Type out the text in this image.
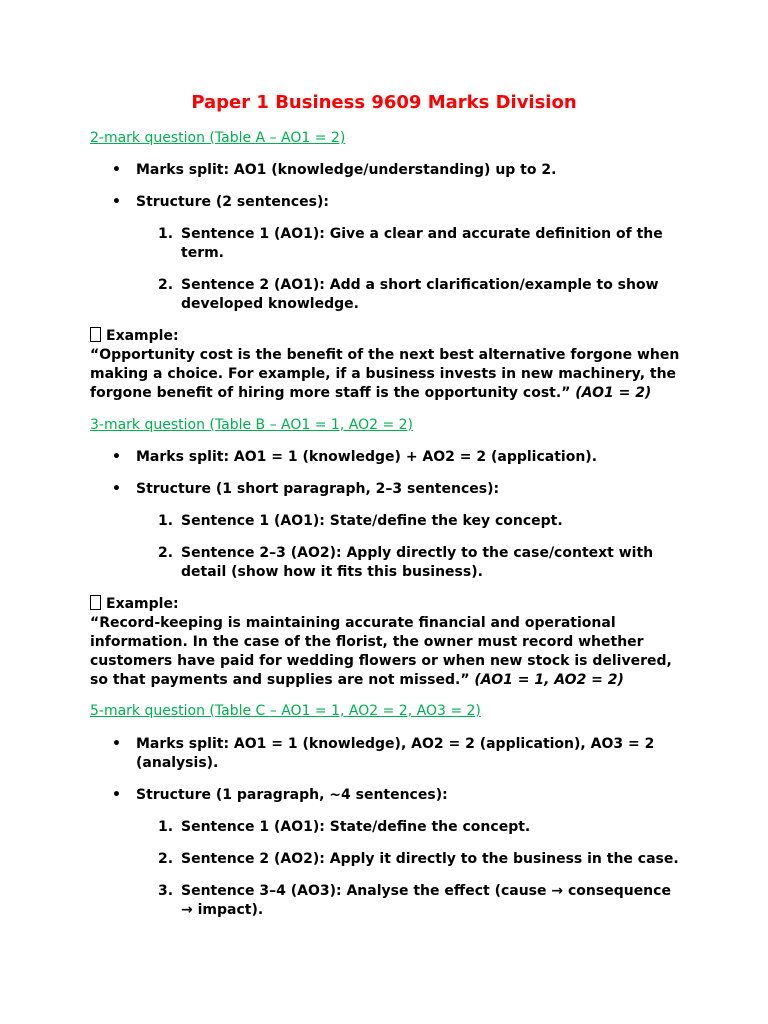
Paper 1 Business 9609 Marks Division
2-mark question (Table A – AO1 = 2)
• Marks split: AO1 (knowledge/understanding) up to 2.
• Structure (2 sentences):
1. Sentence 1 (AO1): Give a clear and accurate definition of the term.
2. Sentence 2 (AO1): Add a short clarification/example to show developed knowledge.
Example:
“Opportunity cost is the benefit of the next best alternative forgone when making a choice. For example, if a business invests in new machinery, the forgone benefit of hiring more staff is the opportunity cost.” (AO1 = 2)
3-mark question (Table B – AO1 = 1, AO2 = 2)
• Marks split: AO1 = 1 (knowledge) + AO2 = 2 (application).
• Structure (1 short paragraph, 2–3 sentences):
1. Sentence 1 (AO1): State/define the key concept.
2. Sentence 2–3 (AO2): Apply directly to the case/context with detail (show how it fits this business).
Example:
“Record-keeping is maintaining accurate financial and operational information. In the case of the florist, the owner must record whether customers have paid for wedding flowers or when new stock is delivered, so that payments and supplies are not missed.” (AO1 = 1, AO2 = 2)
5-mark question (Table C – AO1 = 1, AO2 = 2, AO3 = 2)
• Marks split: AO1 = 1 (knowledge), AO2 = 2 (application), AO3 = 2 (analysis).
• Structure (1 paragraph, ~4 sentences):
1. Sentence 1 (AO1): State/define the concept.
2. Sentence 2 (AO2): Apply it directly to the business in the case.
3. Sentence 3–4 (AO3): Analyse the effect (cause → consequence → impact).
